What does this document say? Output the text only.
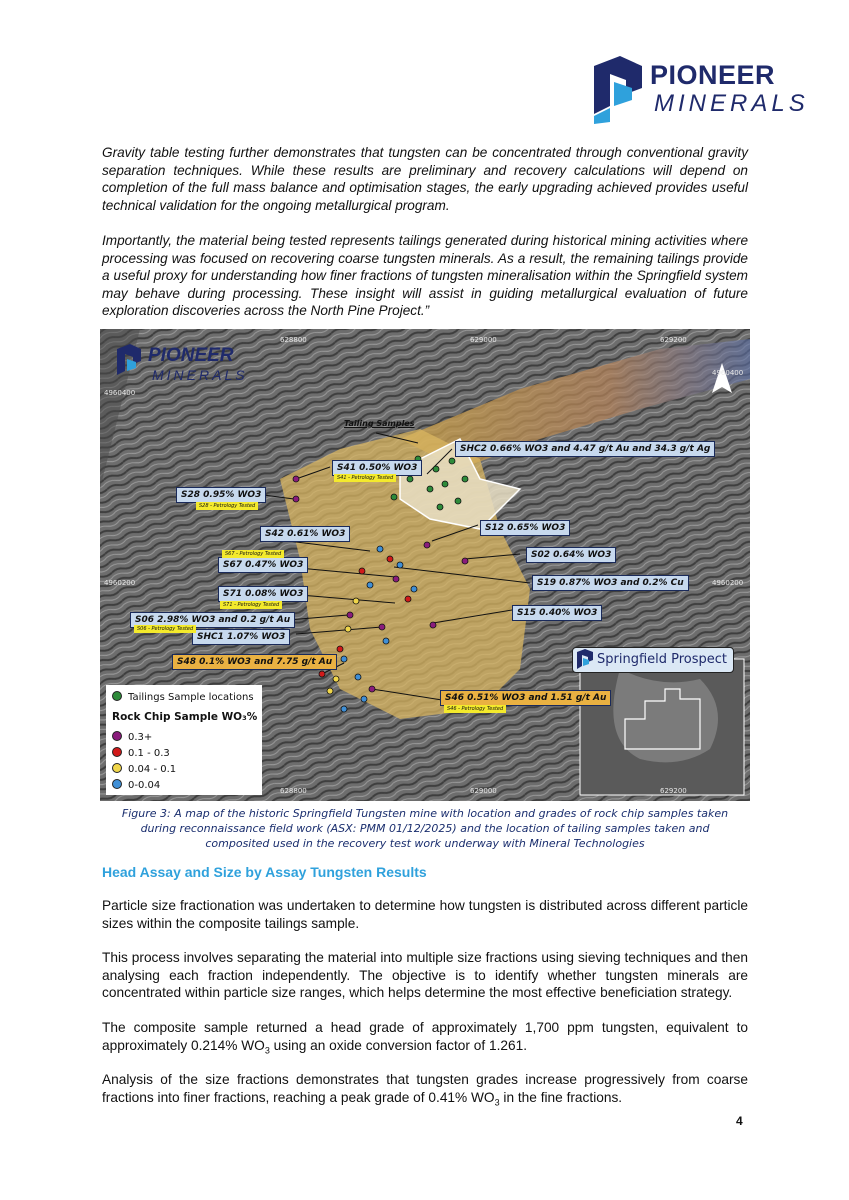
PIONEER
MINERALS
Gravity table testing further demonstrates that tungsten can be concentrated through conventional gravity separation techniques. While these results are preliminary and recovery calculations will depend on completion of the full mass balance and optimisation stages, the early upgrading achieved provides useful technical validation for the ongoing metallurgical program.
Importantly, the material being tested represents tailings generated during historical mining activities where processing was focused on recovering coarse tungsten minerals. As a result, the remaining tailings provide a useful proxy for understanding how finer fractions of tungsten mineralisation within the Springfield system may behave during processing. These insight will assist in guiding metallurgical evaluation of future exploration discoveries across the North Pine Project.”
PIONEER
MINERALS
628800	629000	629200
628800	629000	629200
4960400
4960200
4960400
4960200
Tailing Samples
SHC2 0.66% WO3 and 4.47 g/t Au and 34.3 g/t Ag
S41 0.50% WO3
S28 0.95% WO3
S12 0.65% WO3
S42 0.61% WO3
S02 0.64% WO3
S67 0.47% WO3
S19 0.87% WO3 and 0.2% Cu
S71 0.08% WO3
S15 0.40% WO3
S06 2.98% WO3 and 0.2 g/t Au
SHC1 1.07% WO3
S48 0.1% WO3 and 7.75 g/t Au
S46 0.51% WO3 and 1.51 g/t Au
S41 - Petrology Tested
S28 - Petrology Tested
S67 - Petrology Tested
S71 - Petrology Tested
S06 - Petrology Tested
S46 - Petrology Tested
Springfield Prospect
Tailings Sample locations
Rock Chip Sample WO₃%
0.3+
0.1 - 0.3
0.04 - 0.1
0-0.04
Figure 3: A map of the historic Springfield Tungsten mine with location and grades of rock chip samples taken during reconnaissance field work (ASX: PMM 01/12/2025) and the location of tailing samples taken and composited used in the recovery test work underway with Mineral Technologies
Head Assay and Size by Assay Tungsten Results
Particle size fractionation was undertaken to determine how tungsten is distributed across different particle sizes within the composite tailings sample.
This process involves separating the material into multiple size fractions using sieving techniques and then analysing each fraction independently. The objective is to identify whether tungsten minerals are concentrated within particle size ranges, which helps determine the most effective beneficiation strategy.
The composite sample returned a head grade of approximately 1,700 ppm tungsten, equivalent to approximately 0.214% $WO_3$ using an oxide conversion factor of 1.261.
Analysis of the size fractions demonstrates that tungsten grades increase progressively from coarse fractions into finer fractions, reaching a peak grade of 0.41% $WO_3$ in the fine fractions.
4
